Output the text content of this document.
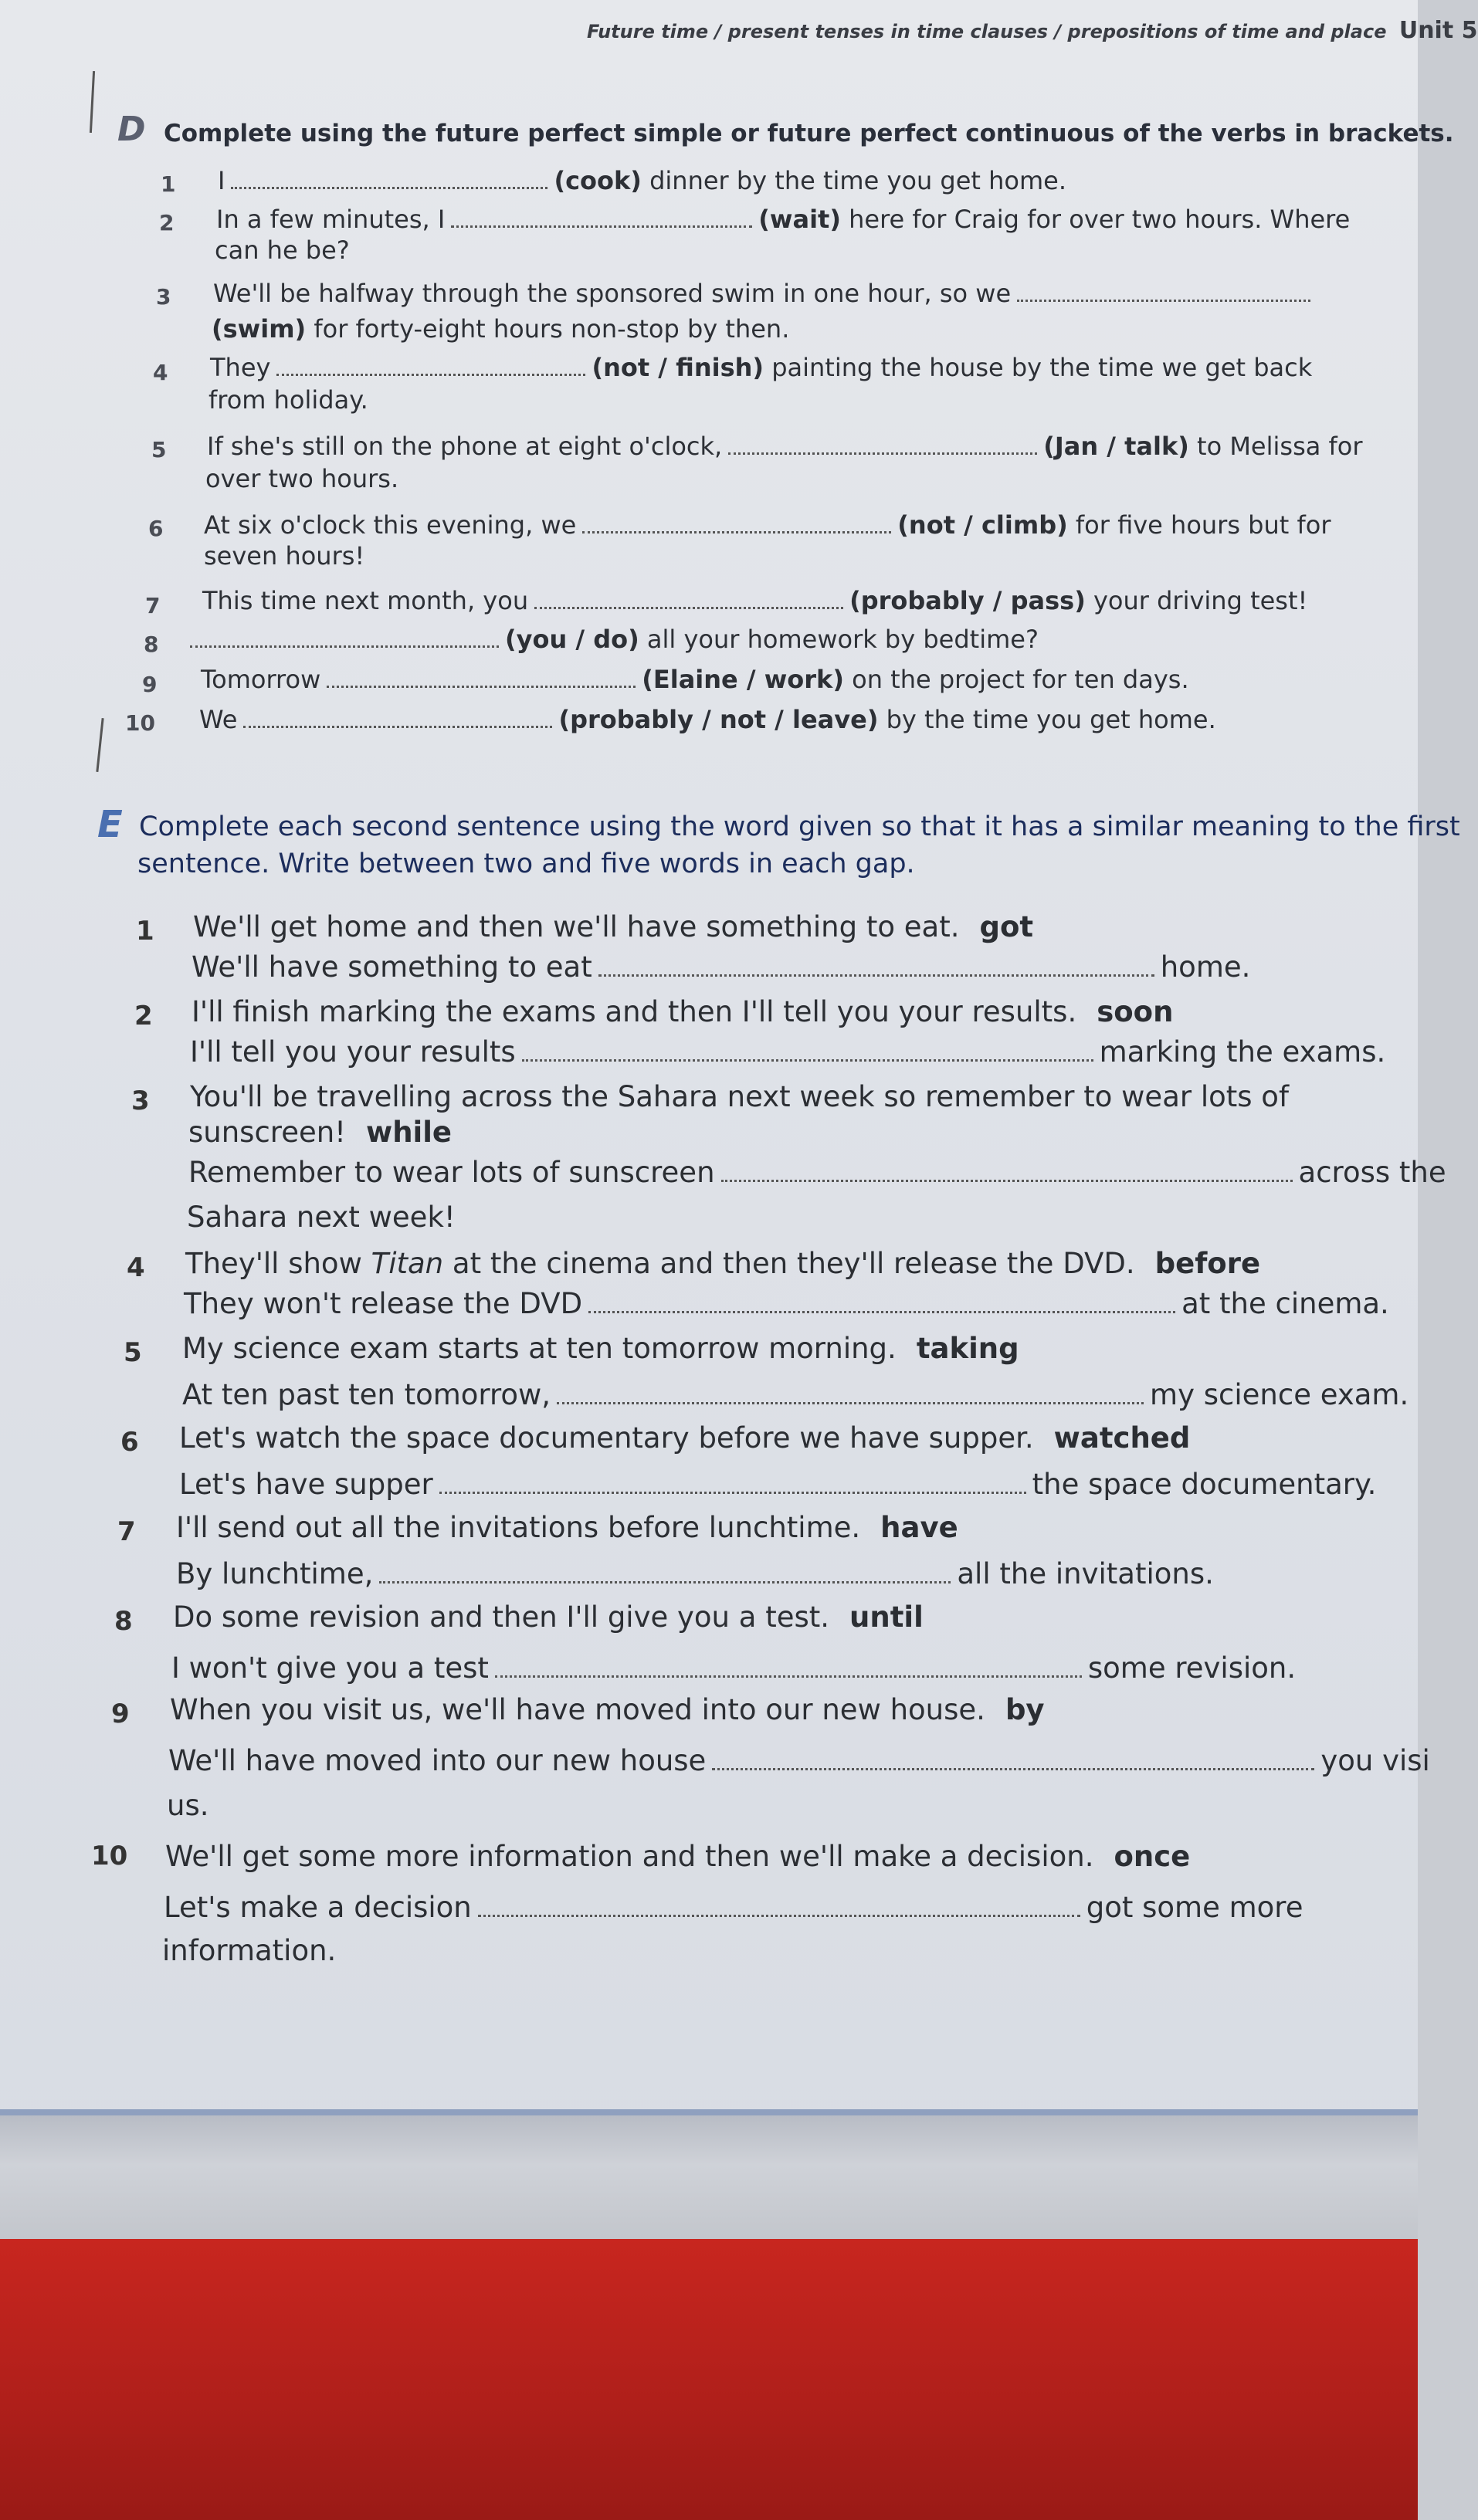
Future time / present tenses in time clauses / prepositions of time and place Unit 5
D Complete using the future perfect simple or future perfect continuous of the verbs in brackets.
1 I	(cook) dinner by the time you get home.
2 In a few minutes, I	(wait) here for Craig for over two hours. Where
can he be?
3 We'll be halfway through the sponsored swim in one hour, so we
(swim) for forty-eight hours non-stop by then.
4 They	(not / finish) painting the house by the time we get back
from holiday.
5 If she's still on the phone at eight o'clock,	(Jan / talk) to Melissa for
over two hours.
6 At six o'clock this evening, we	(not / climb) for five hours but for
seven hours!
7 This time next month, you	(probably / pass) your driving test!
8	(you / do) all your homework by bedtime?
9 Tomorrow	(Elaine / work) on the project for ten days.
10 We	(probably / not / leave) by the time you get home.
E Complete each second sentence using the word given so that it has a similar meaning to the first
sentence. Write between two and five words in each gap.
1 We'll get home and then we'll have something to eat. got
We'll have something to eat	home.
2 I'll finish marking the exams and then I'll tell you your results. soon
I'll tell you your results	marking the exams.
3 You'll be travelling across the Sahara next week so remember to wear lots of
sunscreen! while
Remember to wear lots of sunscreen	across the
Sahara next week!
4 They'll show Titan at the cinema and then they'll release the DVD. before
They won't release the DVD	at the cinema.
5 My science exam starts at ten tomorrow morning. taking
At ten past ten tomorrow,	my science exam.
6 Let's watch the space documentary before we have supper. watched
Let's have supper	the space documentary.
7 I'll send out all the invitations before lunchtime. have
By lunchtime,	all the invitations.
8 Do some revision and then I'll give you a test. until
I won't give you a test	some revision.
9 When you visit us, we'll have moved into our new house. by
We'll have moved into our new house	you visi
us.
10 We'll get some more information and then we'll make a decision. once
Let's make a decision	got some more
information.
